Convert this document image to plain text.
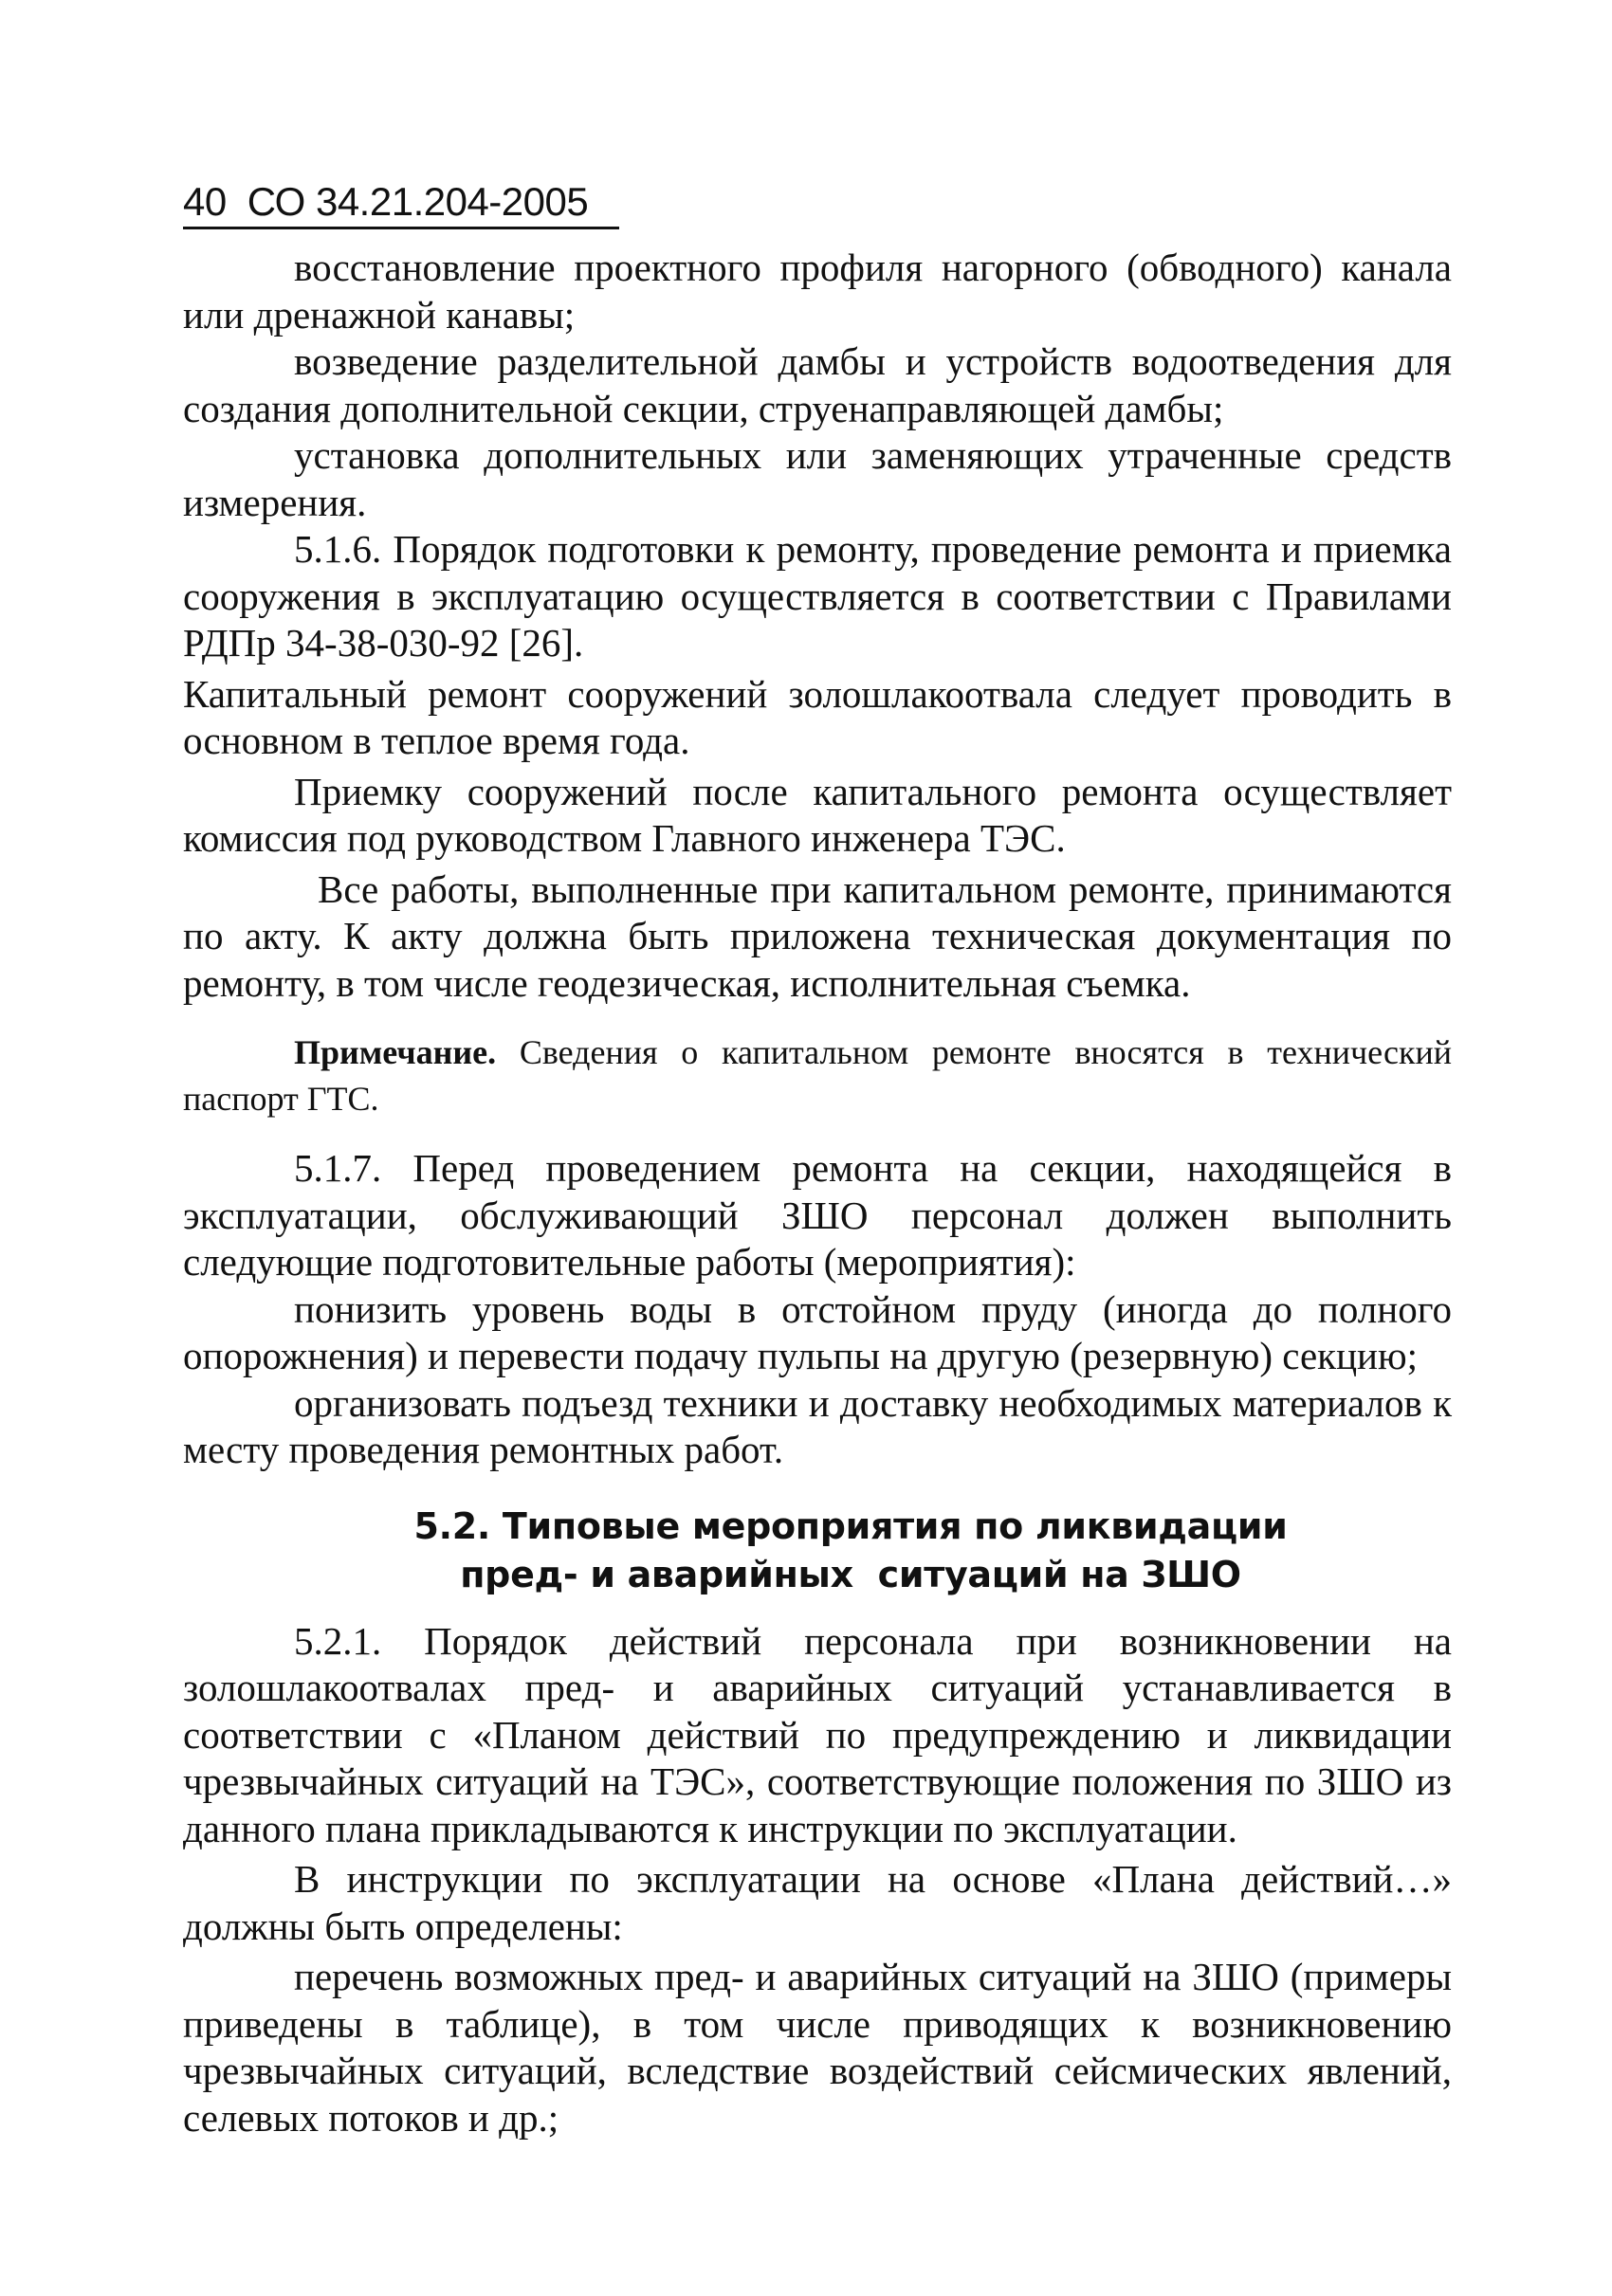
40 СО 34.21.204-2005

восстановление проектного профиля нагорного (обводного) канала или дренажной канавы;

возведение разделительной дамбы и устройств водоотведения для создания дополнительной секции, струенаправляющей дамбы;

установка дополнительных или заменяющих утраченные средств измерения.

5.1.6. Порядок подготовки к ремонту, проведение ремонта и приемка сооружения в эксплуатацию осуществляется в соответствии с Правилами РДПр 34-38-030-92 [26].

Капитальный ремонт сооружений золошлакоотвала следует проводить в основном в теплое время года.

Приемку сооружений после капитального ремонта осуществляет комиссия под руководством Главного инженера ТЭС.

Все работы, выполненные при капитальном ремонте, принимаются по акту. К акту должна быть приложена техническая документация по ремонту, в том числе геодезическая, исполнительная съемка.

Примечание. Сведения о капитальном ремонте вносятся в технический паспорт ГТС.

5.1.7. Перед проведением ремонта на секции, находящейся в эксплуатации, обслуживающий ЗШО персонал должен выполнить следующие подготовительные работы (мероприятия):

понизить уровень воды в отстойном пруду (иногда до полного опорожнения) и перевести подачу пульпы на другую (резервную) секцию;

организовать подъезд техники и доставку необходимых материалов к месту проведения ремонтных работ.

5.2. Типовые мероприятия по ликвидации
пред- и аварийных  ситуаций на ЗШО

5.2.1. Порядок действий персонала при возникновении на золошлакоотвалах пред- и аварийных ситуаций устанавливается в соответствии с «Планом действий по предупреждению и ликвидации чрезвычайных ситуаций на ТЭС», соответствующие положения по ЗШО из  данного плана прикладываются к инструкции по эксплуатации.

В инструкции по эксплуатации на основе «Плана действий…» должны быть определены:

перечень возможных пред- и аварийных ситуаций на ЗШО (примеры приведены в таблице), в том числе приводящих к возникновению чрезвычайных ситуаций, вследствие воздействий сейсмических явлений, селевых потоков и др.;
